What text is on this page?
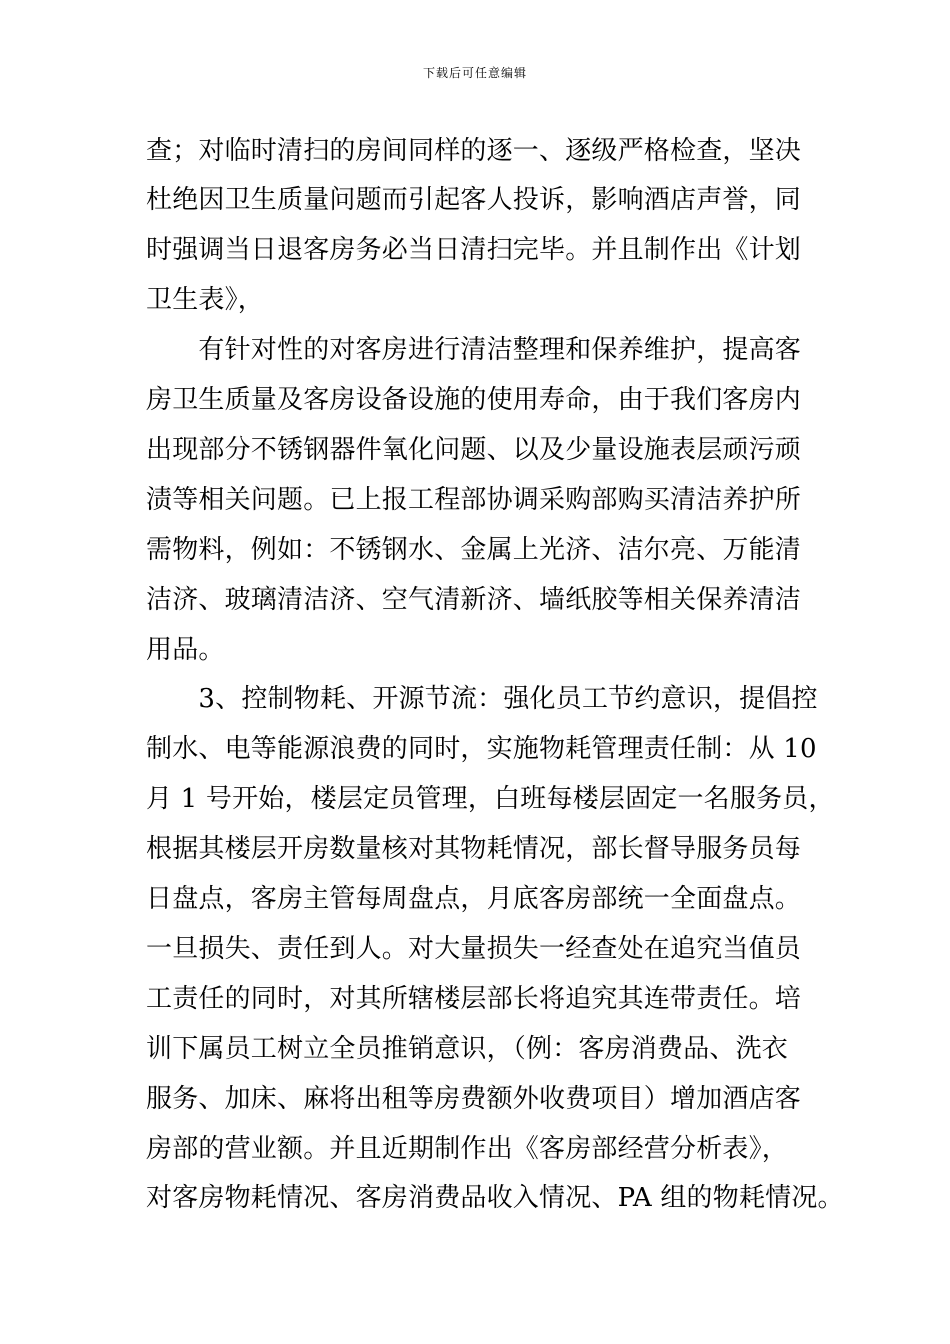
下载后可任意编辑
查；对临时清扫的房间同样的逐一、逐级严格检查，坚决
杜绝因卫生质量问题而引起客人投诉，影响酒店声誉，同
时强调当日退客房务必当日清扫完毕。并且制作出《计划
卫生表》，
　　有针对性的对客房进行清洁整理和保养维护，提高客
房卫生质量及客房设备设施的使用寿命，由于我们客房内
出现部分不锈钢器件氧化问题、以及少量设施表层顽污顽
渍等相关问题。已上报工程部协调采购部购买清洁养护所
需物料，例如：不锈钢水、金属上光济、洁尔亮、万能清
洁济、玻璃清洁济、空气清新济、墙纸胶等相关保养清洁
用品。
　　3、控制物耗、开源节流：强化员工节约意识，提倡控
制水、电等能源浪费的同时，实施物耗管理责任制：从 10
月 1 号开始，楼层定员管理，白班每楼层固定一名服务员，
根据其楼层开房数量核对其物耗情况，部长督导服务员每
日盘点，客房主管每周盘点，月底客房部统一全面盘点。
一旦损失、责任到人。对大量损失一经查处在追究当值员
工责任的同时，对其所辖楼层部长将追究其连带责任。培
训下属员工树立全员推销意识，（例：客房消费品、洗衣
服务、加床、麻将出租等房费额外收费项目）增加酒店客
房部的营业额。并且近期制作出《客房部经营分析表》，
对客房物耗情况、客房消费品收入情况、PA 组的物耗情况。
